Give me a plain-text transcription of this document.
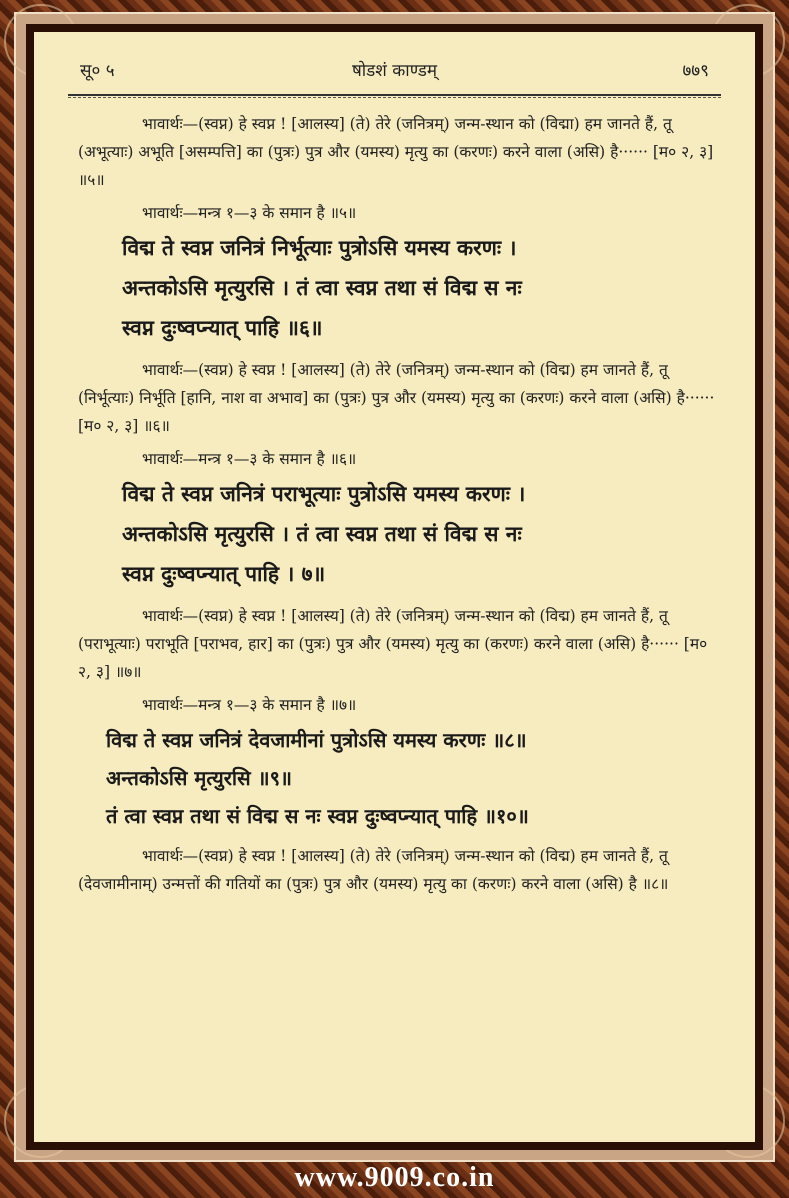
सू० ५	षोडशं काण्डम्	७७९

भावार्थः—(स्वप्न) हे स्वप्न ! [आलस्य] (ते) तेरे (जनित्रम्) जन्म-स्थान को (विद्मा) हम जानते हैं, तू (अभूत्याः) अभूति [असम्पत्ति] का (पुत्रः) पुत्र और (यमस्य) मृत्यु का (करणः) करने वाला (असि) है······ [म० २, ३] ॥५॥

भावार्थः—मन्त्र १—३ के समान है ॥५॥

विद्म ते स्वप्न जनित्रं निर्भूत्याः पुत्रोऽसि यमस्य करणः ।

अन्तकोऽसि मृत्युरसि । तं त्वा स्वप्न तथा सं विद्म स नः

स्वप्न दुःष्वप्न्यात् पाहि ॥६॥

भावार्थः—(स्वप्न) हे स्वप्न ! [आलस्य] (ते) तेरे (जनित्रम्) जन्म-स्थान को (विद्म) हम जानते हैं, तू (निर्भूत्याः) निर्भूति [हानि, नाश वा अभाव] का (पुत्रः) पुत्र और (यमस्य) मृत्यु का (करणः) करने वाला (असि) है······ [म० २, ३] ॥६॥

भावार्थः—मन्त्र १—३ के समान है ॥६॥

विद्म ते स्वप्न जनित्रं पराभूत्याः पुत्रोऽसि यमस्य करणः ।

अन्तकोऽसि मृत्युरसि । तं त्वा स्वप्न तथा सं विद्म स नः

स्वप्न दुःष्वप्न्यात् पाहि । ७॥

भावार्थः—(स्वप्न) हे स्वप्न ! [आलस्य] (ते) तेरे (जनित्रम्) जन्म-स्थान को (विद्म) हम जानते हैं, तू (पराभूत्याः) पराभूति [पराभव, हार] का (पुत्रः) पुत्र और (यमस्य) मृत्यु का (करणः) करने वाला (असि) है······ [म० २, ३] ॥७॥

भावार्थः—मन्त्र १—३ के समान है ॥७॥

विद्म ते स्वप्न जनित्रं देवजामीनां पुत्रोऽसि यमस्य करणः ॥८॥

अन्तकोऽसि मृत्युरसि ॥९॥

तं त्वा स्वप्न तथा सं विद्म स नः स्वप्न दुःष्वप्न्यात् पाहि ॥१०॥

भावार्थः—(स्वप्न) हे स्वप्न ! [आलस्य] (ते) तेरे (जनित्रम्) जन्म-स्थान को (विद्म) हम जानते हैं, तू (देवजामीनाम्) उन्मत्तों की गतियों का (पुत्रः) पुत्र और (यमस्य) मृत्यु का (करणः) करने वाला (असि) है ॥८॥

www.9009.co.in
